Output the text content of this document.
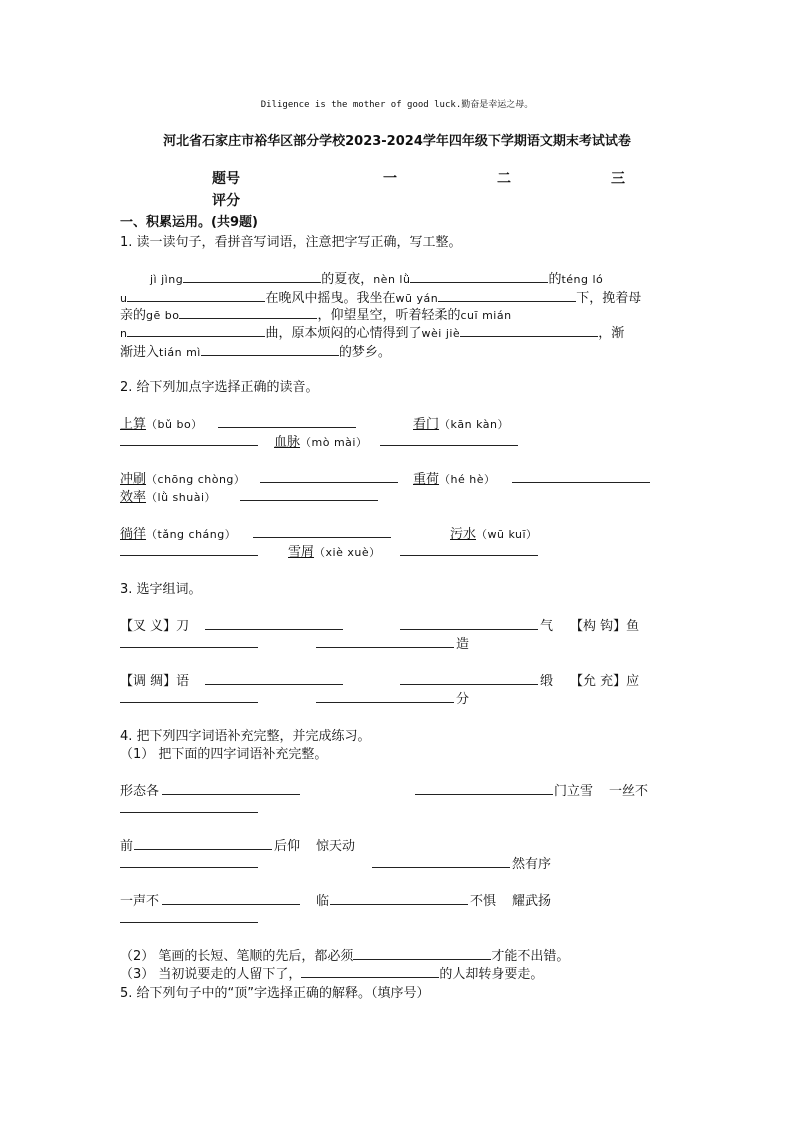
Diligence is the mother of good luck.勤奋是幸运之母。
河北省石家庄市裕华区部分学校2023-2024学年四年级下学期语文期末考试试卷
题号	一	二	三
评分
一、积累运用。(共9题)
1. 读一读句子，看拼音写词语，注意把字写正确，写工整。
jì jìng	的夏夜，nèn lǜ	的téng ló
u	在晚风中摇曳。我坐在wū yán	下，挽着母
亲的gē bo	，仰望星空，听着轻柔的cuī mián
n	曲，原本烦闷的心情得到了wèi jiè	，渐
渐进入tián mì	的梦乡。
2. 给下列加点字选择正确的读音。
上算（bǔ bo）	看门（kān kàn）
血脉（mò mài）
冲刷（chōng chòng）	重荷（hé hè）
效率（lǜ shuài）
徜徉（tǎng cháng）	污水（wū kuī）
雪屑（xiè xuè）
3. 选字组词。
【叉 义】刀	气 【构 钩】鱼
造
【调 绸】语	缎 【允 充】应
分
4. 把下列四字词语补充完整，并完成练习。
（1） 把下面的四字词语补充完整。
形态各	门立雪 一丝不
前	后仰 惊天动
然有序
一声不	临	不惧 耀武扬
（2） 笔画的长短、笔顺的先后，都必须	才能不出错。
（3） 当初说要走的人留下了，	的人却转身要走。
5. 给下列句子中的“顶”字选择正确的解释。（填序号）
